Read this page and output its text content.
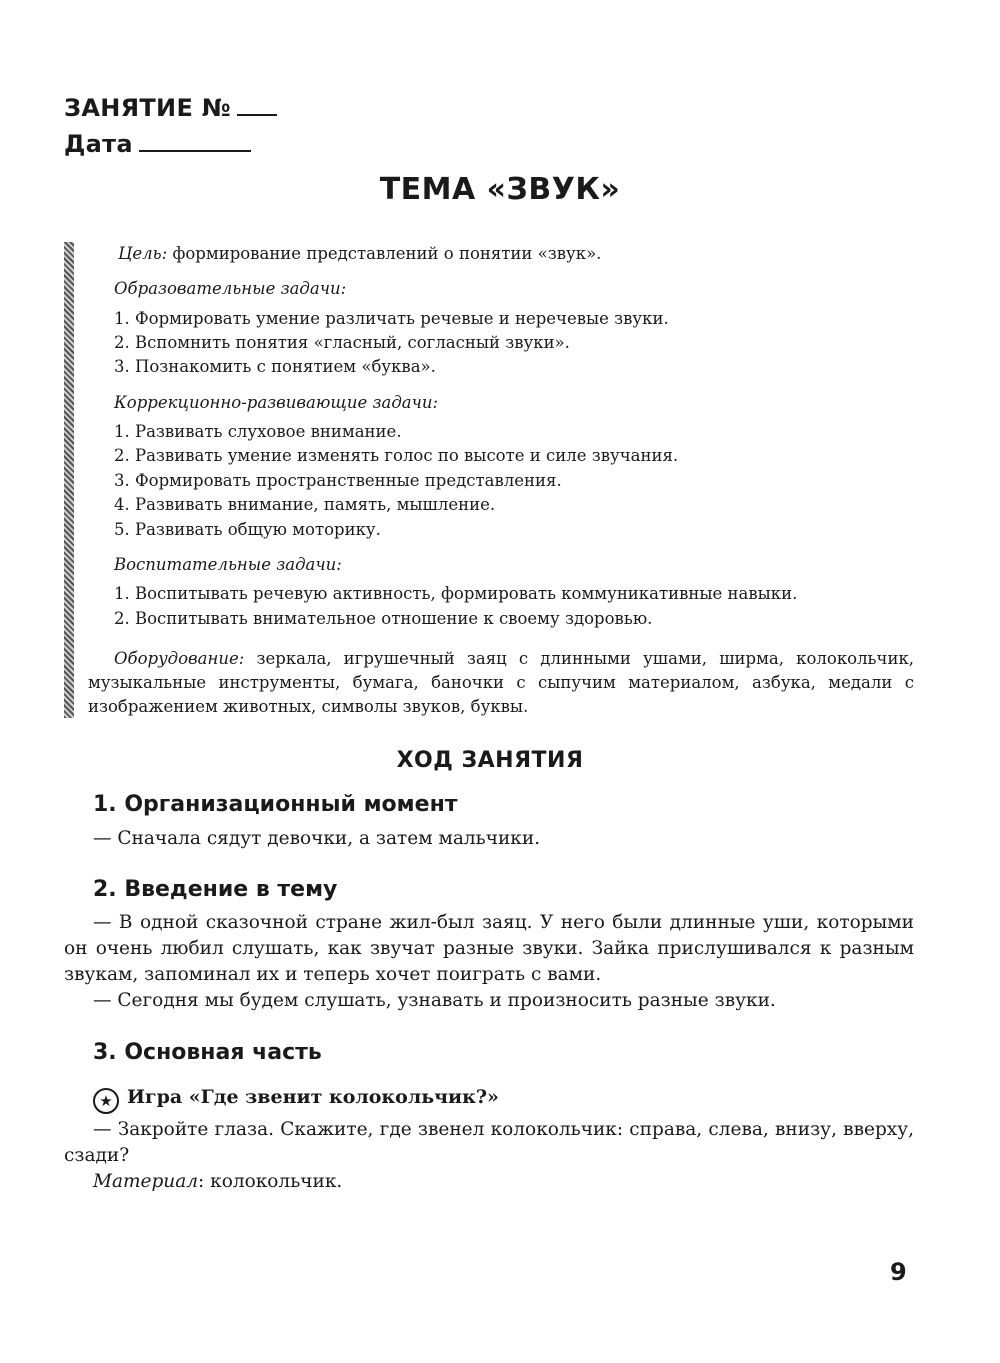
ЗАНЯТИЕ №
Дата
ТЕМА «ЗВУК»
Цель: формирование представлений о понятии «звук».
Образовательные задачи:
1. Формировать умение различать речевые и неречевые звуки.
2. Вспомнить понятия «гласный, согласный звуки».
3. Познакомить с понятием «буква».
Коррекционно-развивающие задачи:
1. Развивать слуховое внимание.
2. Развивать умение изменять голос по высоте и силе звучания.
3. Формировать пространственные представления.
4. Развивать внимание, память, мышление.
5. Развивать общую моторику.
Воспитательные задачи:
1. Воспитывать речевую активность, формировать коммуникативные навыки.
2. Воспитывать внимательное отношение к своему здоровью.
Оборудование: зеркала, игрушечный заяц с длинными ушами, ширма, колокольчик, музыкальные инструменты, бумага, баночки с сыпучим материалом, азбука, медали с изображением животных, символы звуков, буквы.
ХОД ЗАНЯТИЯ
1. Организационный момент
— Сначала сядут девочки, а затем мальчики.
2. Введение в тему
— В одной сказочной стране жил-был заяц. У него были длинные уши, которыми он очень любил слушать, как звучат разные звуки. Зайка прислушивался к разным звукам, запоминал их и теперь хочет поиграть с вами.
— Сегодня мы будем слушать, узнавать и произносить разные звуки.
3. Основная часть
★ Игра «Где звенит колокольчик?»
— Закройте глаза. Скажите, где звенел колокольчик: справа, слева, внизу, вверху, сзади?
Материал: колокольчик.
9
